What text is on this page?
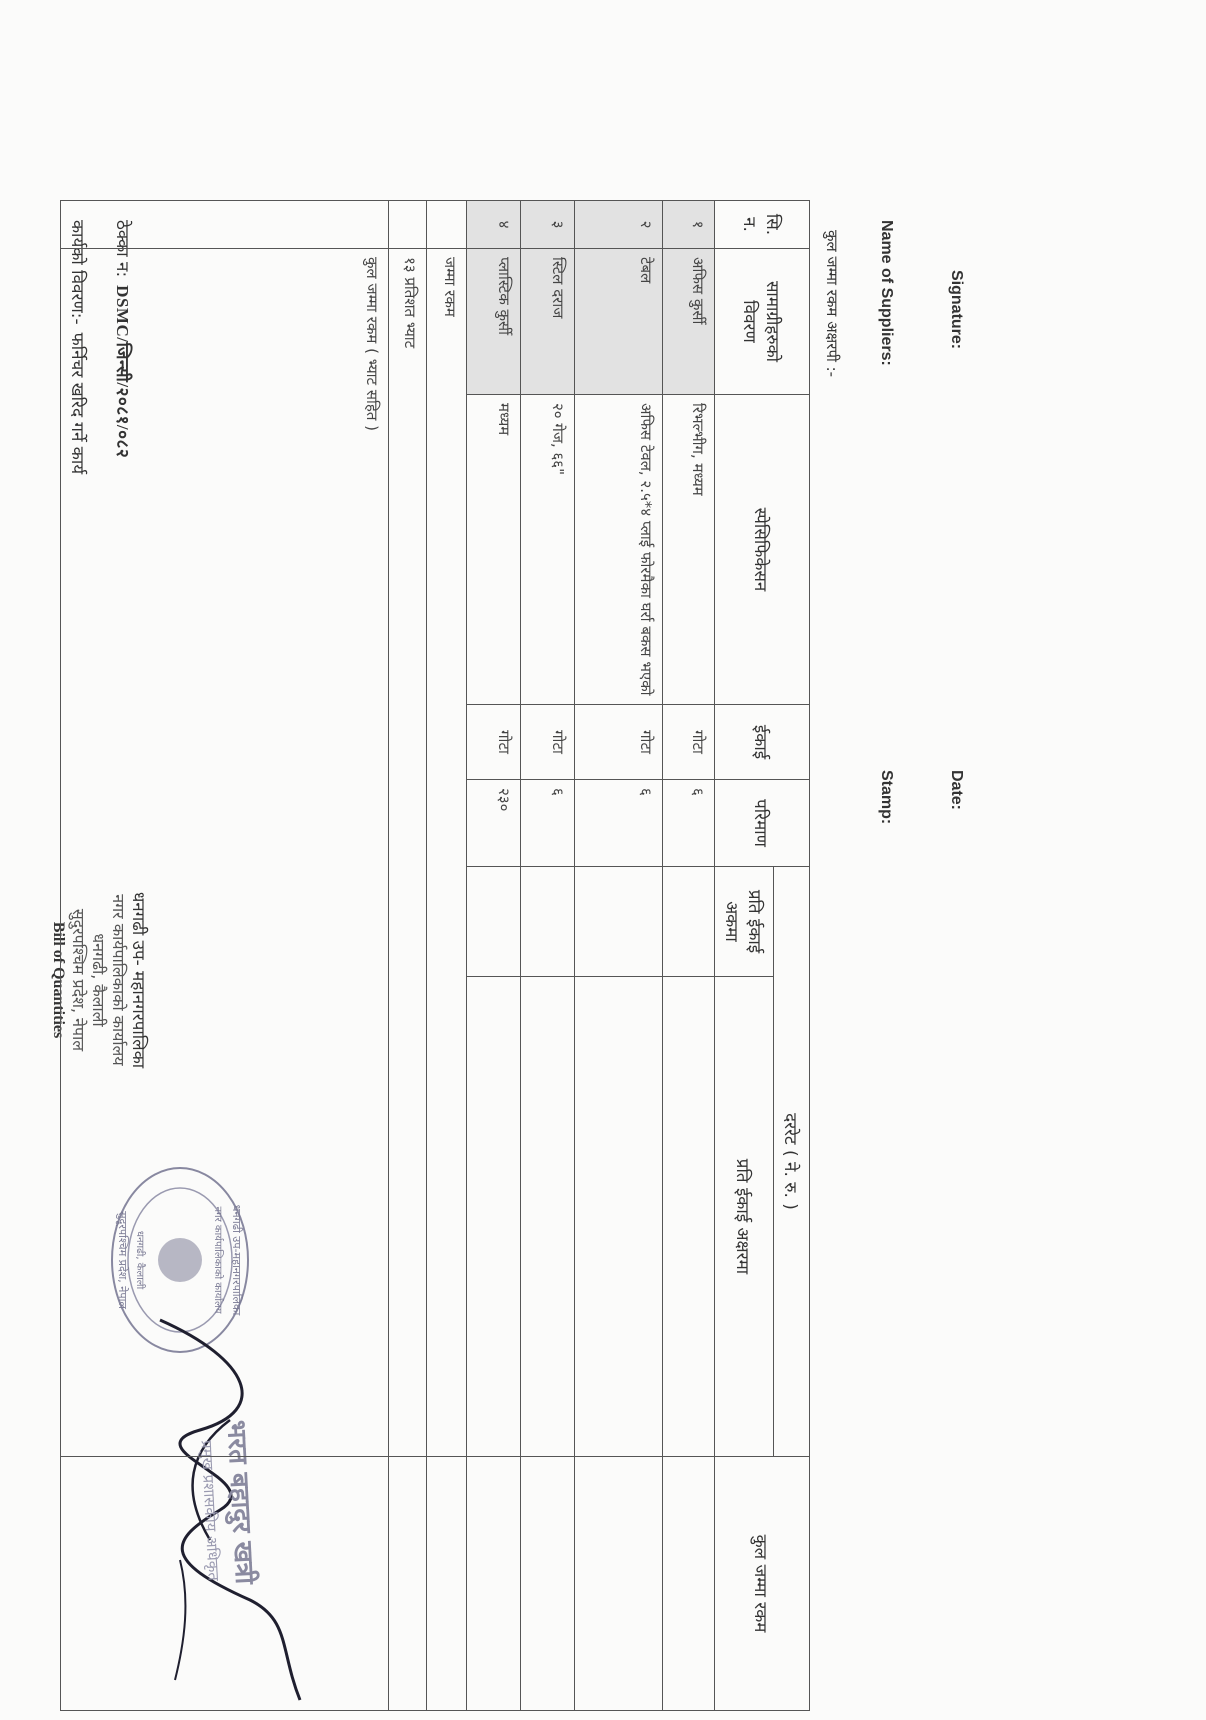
कार्यको विवरण:-फर्निचर खरिद गर्ने कार्य
ठेक्का न:DSMC/जिन्सी/२०८१/०८२
धनगढी उप- महानगरपालिका
नगर कार्यपालिकाको कार्यालय
धनगढी, कैलाली
सुदुरपश्चिम प्रदेश, नेपाल
Bill of Quantities
धनगढी उप-महानगरपालिका
नगर कार्यपालिकाको कार्यालय
धनगढी, कैलाली
सुदूरपश्चिम प्रदेश, नेपाल
भरत बहादुर खत्री
प्रमुख प्रशासकीय अधिकृत
सि. न.	सामाग्रीहरुको विवरण	स्पेसिफिकेसन	ईकाई	परिमाण	दररेट ( ने. रु. )		कुल जम्मा रकम
					प्रति ईकाई अकमा	प्रति ईकाई अक्षरमा	
१	अफिस कुर्सी	रिभल्भीग, मध्यम	गोटा	६			
२	टेबल	अफिस टेवल, २.५*४ प्लाई फोरमैका घर्रा बकस भएको	गोटा	६			
३	स्टिल दराज	२० गेज, ६६"	गोटा	६			
४	प्लास्टिक कुर्सी	मध्यम	गोटा	२३०			
	जम्मा रकम						
	१३ प्रतिशत भ्याट						
	कुल जम्मा रकम ( भ्याट सहित )							कुल जम्मा रकम अक्षरपी :- Name of Suppliers:	Signature:
Stamp:	Date:
